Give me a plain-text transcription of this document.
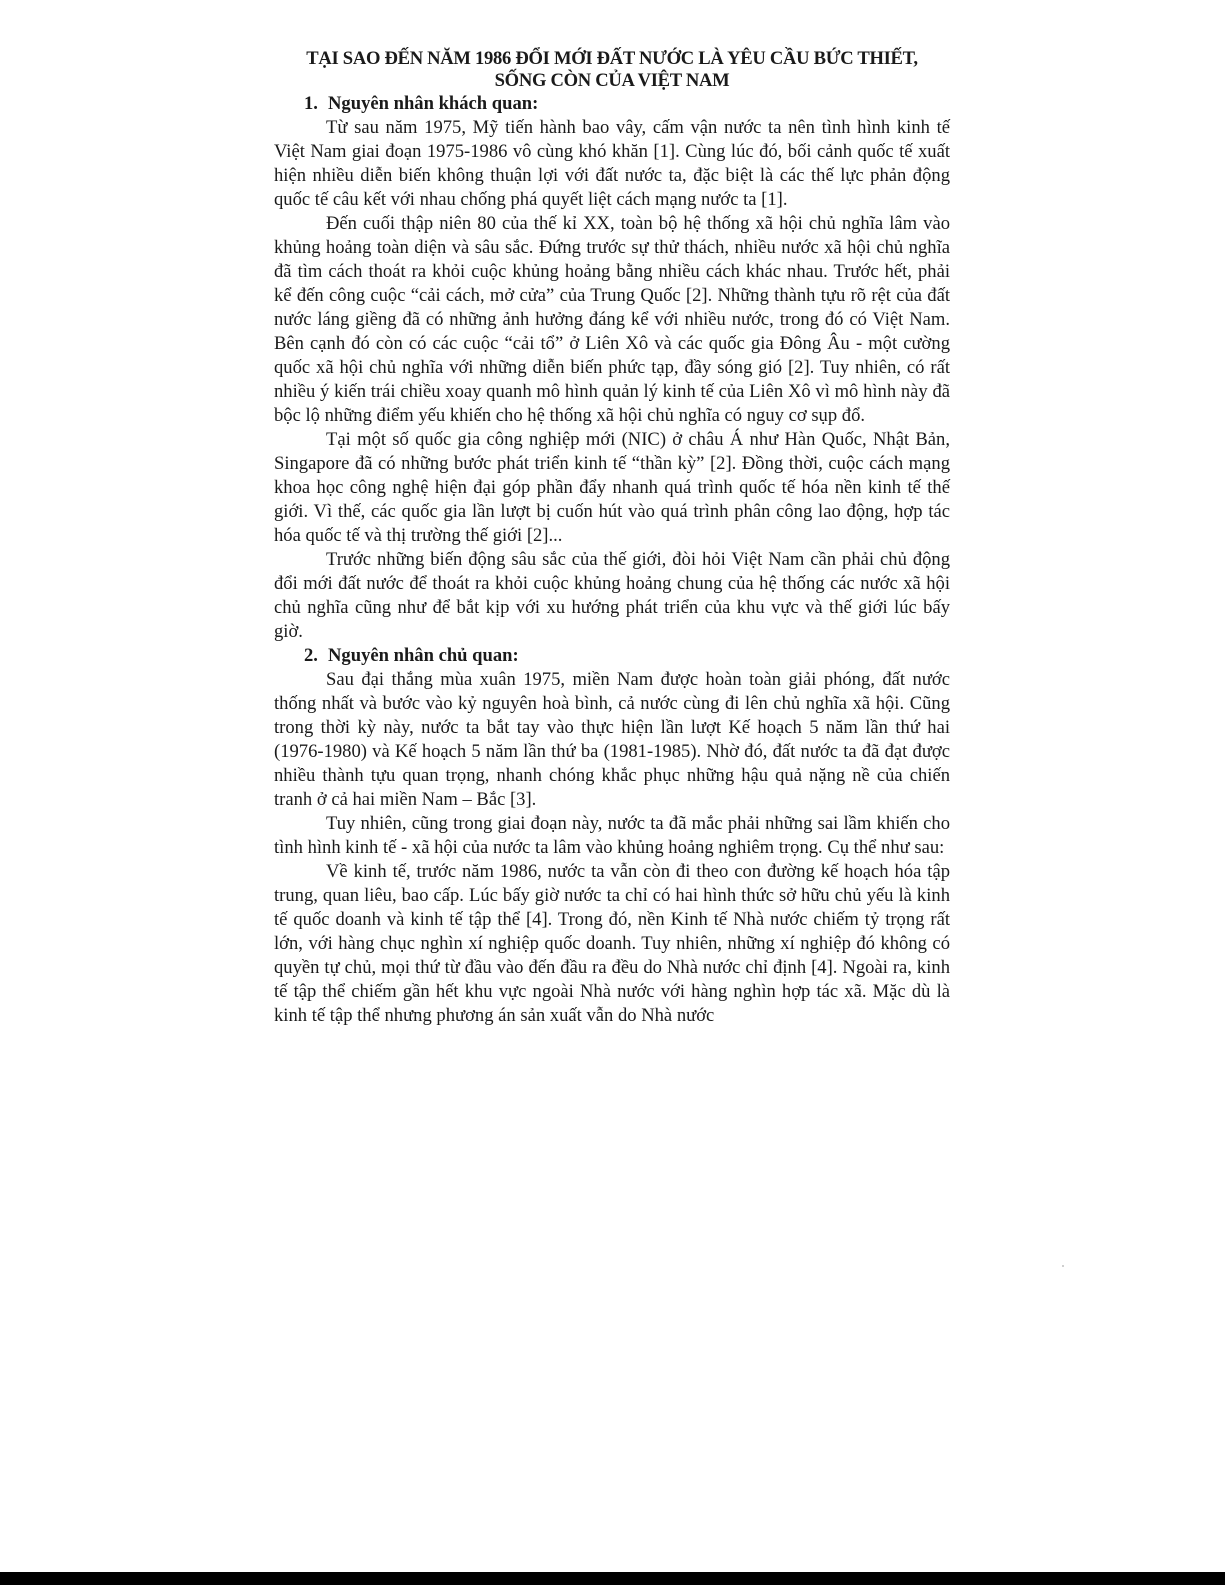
TẠI SAO ĐẾN NĂM 1986 ĐỔI MỚI ĐẤT NƯỚC LÀ YÊU CẦU BỨC THIẾT,

SỐNG CÒN CỦA VIỆT NAM

1. Nguyên nhân khách quan:

Từ sau năm 1975, Mỹ tiến hành bao vây, cấm vận nước ta nên tình hình kinh tế Việt Nam giai đoạn 1975-1986 vô cùng khó khăn [1]. Cùng lúc đó, bối cảnh quốc tế xuất hiện nhiều diễn biến không thuận lợi với đất nước ta, đặc biệt là các thế lực phản động quốc tế câu kết với nhau chống phá quyết liệt cách mạng nước ta [1].

Đến cuối thập niên 80 của thế kỉ XX, toàn bộ hệ thống xã hội chủ nghĩa lâm vào khủng hoảng toàn diện và sâu sắc. Đứng trước sự thử thách, nhiều nước xã hội chủ nghĩa đã tìm cách thoát ra khỏi cuộc khủng hoảng bằng nhiều cách khác nhau. Trước hết, phải kể đến công cuộc “cải cách, mở cửa” của Trung Quốc [2]. Những thành tựu rõ rệt của đất nước láng giềng đã có những ảnh hưởng đáng kể với nhiều nước, trong đó có Việt Nam. Bên cạnh đó còn có các cuộc “cải tổ” ở Liên Xô và các quốc gia Đông Âu - một cường quốc xã hội chủ nghĩa với những diễn biến phức tạp, đầy sóng gió [2]. Tuy nhiên, có rất nhiều ý kiến trái chiều xoay quanh mô hình quản lý kinh tế của Liên Xô vì mô hình này đã bộc lộ những điểm yếu khiến cho hệ thống xã hội chủ nghĩa có nguy cơ sụp đổ.

Tại một số quốc gia công nghiệp mới (NIC) ở châu Á như Hàn Quốc, Nhật Bản, Singapore đã có những bước phát triển kinh tế “thần kỳ” [2]. Đồng thời, cuộc cách mạng khoa học công nghệ hiện đại góp phần đẩy nhanh quá trình quốc tế hóa nền kinh tế thế giới. Vì thế, các quốc gia lần lượt bị cuốn hút vào quá trình phân công lao động, hợp tác hóa quốc tế và thị trường thế giới [2]...

Trước những biến động sâu sắc của thế giới, đòi hỏi Việt Nam cần phải chủ động đổi mới đất nước để thoát ra khỏi cuộc khủng hoảng chung của hệ thống các nước xã hội chủ nghĩa cũng như để bắt kịp với xu hướng phát triển của khu vực và thế giới lúc bấy giờ.

2. Nguyên nhân chủ quan:

Sau đại thắng mùa xuân 1975, miền Nam được hoàn toàn giải phóng, đất nước thống nhất và bước vào kỷ nguyên hoà bình, cả nước cùng đi lên chủ nghĩa xã hội. Cũng trong thời kỳ này, nước ta bắt tay vào thực hiện lần lượt Kế hoạch 5 năm lần thứ hai (1976-1980) và Kế hoạch 5 năm lần thứ ba (1981-1985). Nhờ đó, đất nước ta đã đạt được nhiều thành tựu quan trọng, nhanh chóng khắc phục những hậu quả nặng nề của chiến tranh ở cả hai miền Nam – Bắc [3].

Tuy nhiên, cũng trong giai đoạn này, nước ta đã mắc phải những sai lầm khiến cho tình hình kinh tế - xã hội của nước ta lâm vào khủng hoảng nghiêm trọng. Cụ thể như sau:

Về kinh tế, trước năm 1986, nước ta vẫn còn đi theo con đường kế hoạch hóa tập trung, quan liêu, bao cấp. Lúc bấy giờ nước ta chỉ có hai hình thức sở hữu chủ yếu là kinh tế quốc doanh và kinh tế tập thể [4]. Trong đó, nền Kinh tế Nhà nước chiếm tỷ trọng rất lớn, với hàng chục nghìn xí nghiệp quốc doanh. Tuy nhiên, những xí nghiệp đó không có quyền tự chủ, mọi thứ từ đầu vào đến đầu ra đều do Nhà nước chỉ định [4]. Ngoài ra, kinh tế tập thể chiếm gần hết khu vực ngoài Nhà nước với hàng nghìn hợp tác xã. Mặc dù là kinh tế tập thể nhưng phương án sản xuất vẫn do Nhà nước
